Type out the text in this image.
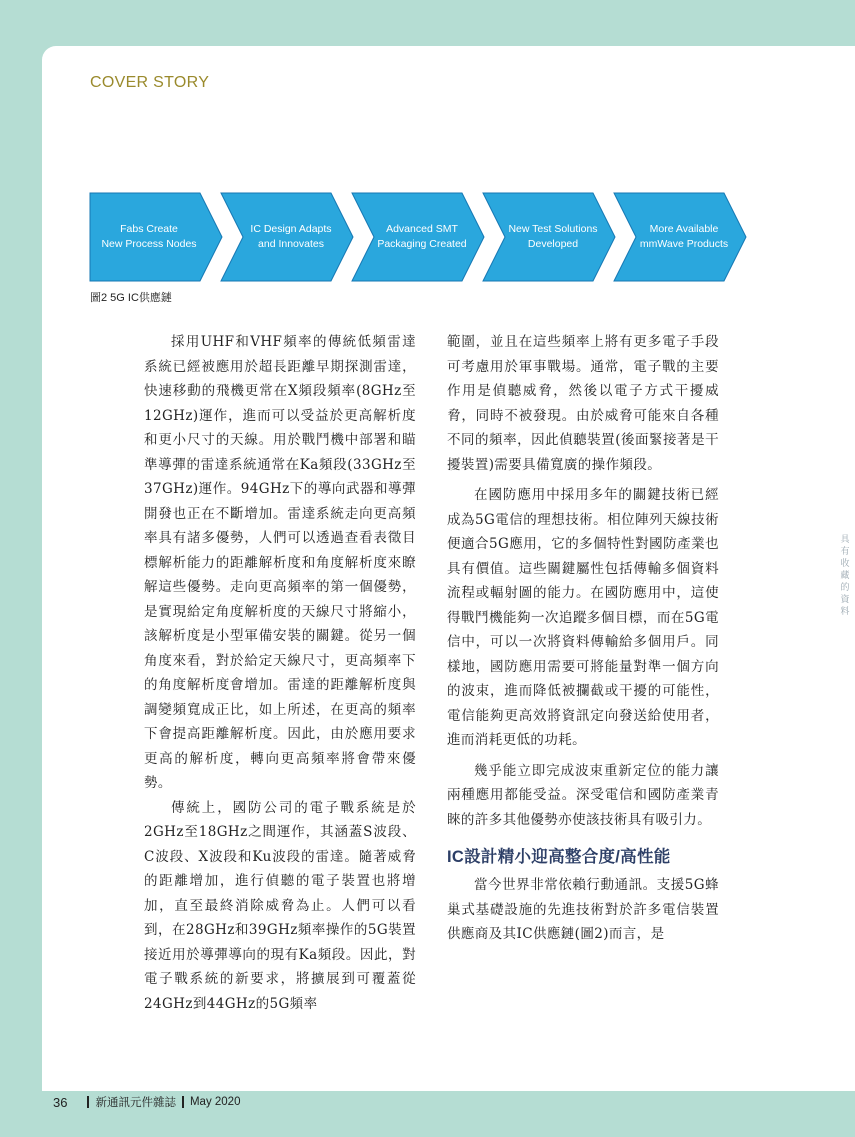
COVER STORY
Fabs Create
New Process Nodes
IC Design Adapts
and Innovates
Advanced SMT
Packaging Created
New Test Solutions
Developed
More Available
mmWave Products
圖2 5G IC供應鏈

採用UHF和VHF頻率的傳統低頻雷達系統已經被應用於超長距離早期探測雷達，快速移動的飛機更常在X頻段頻率(8GHz至12GHz)運作，進而可以受益於更高解析度和更小尺寸的天線。用於戰鬥機中部署和瞄準導彈的雷達系統通常在Ka頻段(33GHz至37GHz)運作。94GHz下的導向武器和導彈開發也正在不斷增加。雷達系統走向更高頻率具有諸多優勢，人們可以透過查看表徵目標解析能力的距離解析度和角度解析度來瞭解這些優勢。走向更高頻率的第一個優勢，是實現給定角度解析度的天線尺寸將縮小，該解析度是小型軍備安裝的關鍵。從另一個角度來看，對於給定天線尺寸，更高頻率下的角度解析度會增加。雷達的距離解析度與調變頻寬成正比，如上所述，在更高的頻率下會提高距離解析度。因此，由於應用要求更高的解析度，轉向更高頻率將會帶來優勢。

傳統上，國防公司的電子戰系統是於2GHz至18GHz之間運作，其涵蓋S波段、C波段、X波段和Ku波段的雷達。隨著威脅的距離增加，進行偵聽的電子裝置也將增加，直至最終消除威脅為止。人們可以看到，在28GHz和39GHz頻率操作的5G裝置接近用於導彈導向的現有Ka頻段。因此，對電子戰系統的新要求，將擴展到可覆蓋從24GHz到44GHz的5G頻率

範圍，並且在這些頻率上將有更多電子手段可考慮用於軍事戰場。通常，電子戰的主要作用是偵聽威脅，然後以電子方式干擾威脅，同時不被發現。由於威脅可能來自各種不同的頻率，因此偵聽裝置(後面緊接著是干擾裝置)需要具備寬廣的操作頻段。

在國防應用中採用多年的關鍵技術已經成為5G電信的理想技術。相位陣列天線技術便適合5G應用，它的多個特性對國防產業也具有價值。這些關鍵屬性包括傳輸多個資料流程或輻射圖的能力。在國防應用中，這使得戰鬥機能夠一次追蹤多個目標，而在5G電信中，可以一次將資料傳輸給多個用戶。同樣地，國防應用需要可將能量對準一個方向的波束，進而降低被攔截或干擾的可能性，電信能夠更高效將資訊定向發送給使用者，進而消耗更低的功耗。

幾乎能立即完成波束重新定位的能力讓兩種應用都能受益。深受電信和國防產業青睞的許多其他優勢亦使該技術具有吸引力。

IC設計精小迎高整合度/高性能

當今世界非常依賴行動通訊。支援5G蜂巢式基礎設施的先進技術對於許多電信裝置供應商及其IC供應鏈(圖2)而言，是

具有收藏的資料
36 新通訊元件雜誌 May 2020
